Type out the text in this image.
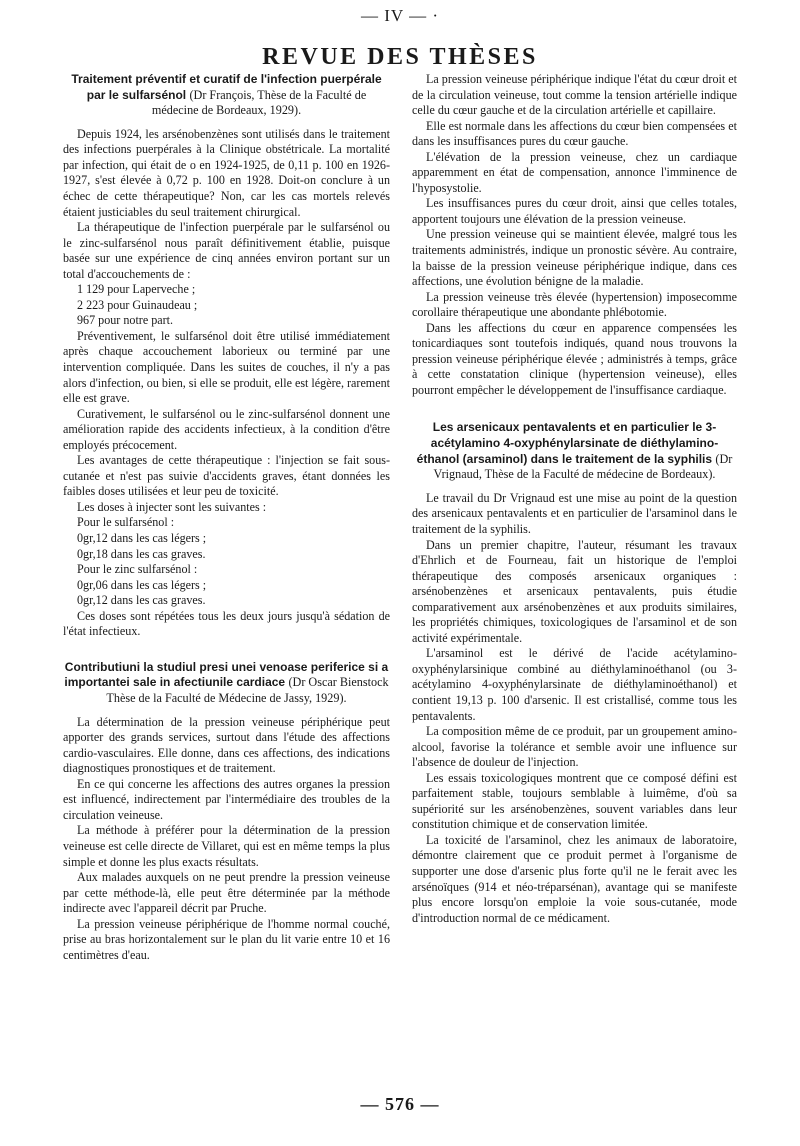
— IV — ·
REVUE DES THÈSES
Traitement préventif et curatif de l'infection puerpérale par le sulfarsénol (Dr François, Thèse de la Faculté de médecine de Bordeaux, 1929).

Depuis 1924, les arsénobenzènes sont utilisés dans le traitement des infections puerpérales à la Clinique obstétricale. La mortalité par infection, qui était de o en 1924-1925, de 0,11 p. 100 en 1926-1927, s'est élevée à 0,72 p. 100 en 1928. Doit-on conclure à un échec de cette thérapeutique? Non, car les cas mortels relevés étaient justiciables du seul traitement chirurgical.

La thérapeutique de l'infection puerpérale par le sulfarsénol ou le zinc-sulfarsénol nous paraît définitivement établie, puisque basée sur une expérience de cinq années environ portant sur un total d'accouchements de :

1 129 pour Laperveche ;

2 223 pour Guinaudeau ;

967 pour notre part.

Préventivement, le sulfarsénol doit être utilisé immédiatement après chaque accouchement laborieux ou terminé par une intervention compliquée. Dans les suites de couches, il n'y a pas alors d'infection, ou bien, si elle se produit, elle est légère, rarement elle est grave.

Curativement, le sulfarsénol ou le zinc-sulfarsénol donnent une amélioration rapide des accidents infectieux, à la condition d'être employés précocement.

Les avantages de cette thérapeutique : l'injection se fait sous-cutanée et n'est pas suivie d'accidents graves, étant données les faibles doses utilisées et leur peu de toxicité.

Les doses à injecter sont les suivantes :

Pour le sulfarsénol :

0gr,12 dans les cas légers ;

0gr,18 dans les cas graves.

Pour le zinc sulfarsénol :

0gr,06 dans les cas légers ;

0gr,12 dans les cas graves.

Ces doses sont répétées tous les deux jours jusqu'à sédation de l'état infectieux.

Contributiuni la studiul presi unei venoase periferice si a importantei sale in afectiunile cardiace (Dr Oscar Bienstock Thèse de la Faculté de Médecine de Jassy, 1929).

La détermination de la pression veineuse périphérique peut apporter des grands services, surtout dans l'étude des affections cardio-vasculaires. Elle donne, dans ces affections, des indications diagnostiques pronostiques et de traitement.

En ce qui concerne les affections des autres organes la pression est influencé, indirectement par l'intermédiaire des troubles de la circulation veineuse.

La méthode à préférer pour la détermination de la pression veineuse est celle directe de Villaret, qui est en même temps la plus simple et donne les plus exacts résultats.

Aux malades auxquels on ne peut prendre la pression veineuse par cette méthode-là, elle peut être déterminée par la méthode indirecte avec l'appareil décrit par Pruche.

La pression veineuse périphérique de l'homme normal couché, prise au bras horizontalement sur le plan du lit varie entre 10 et 16 centimètres d'eau.

La pression veineuse périphérique indique l'état du cœur droit et de la circulation veineuse, tout comme la tension artérielle indique celle du cœur gauche et de la circulation artérielle et capillaire.

Elle est normale dans les affections du cœur bien compensées et dans les insuffisances pures du cœur gauche.

L'élévation de la pression veineuse, chez un cardiaque apparemment en état de compensation, annonce l'imminence de l'hyposystolie.

Les insuffisances pures du cœur droit, ainsi que celles totales, apportent toujours une élévation de la pression veineuse.

Une pression veineuse qui se maintient élevée, malgré tous les traitements administrés, indique un pronostic sévère. Au contraire, la baisse de la pression veineuse périphérique indique, dans ces affections, une évolution bénigne de la maladie.

La pression veineuse très élevée (hypertension) imposecomme corollaire thérapeutique une abondante phlébotomie.

Dans les affections du cœur en apparence compensées les tonicardiaques sont toutefois indiqués, quand nous trouvons la pression veineuse périphérique élevée ; administrés à temps, grâce à cette constatation clinique (hypertension veineuse), elles pourront empêcher le développement de l'insuffisance cardiaque.

Les arsenicaux pentavalents et en particulier le 3-acétylamino 4-oxyphénylarsinate de diéthylamino-éthanol (arsaminol) dans le traitement de la syphilis (Dr Vrignaud, Thèse de la Faculté de médecine de Bordeaux).

Le travail du Dr Vrignaud est une mise au point de la question des arsenicaux pentavalents et en particulier de l'arsaminol dans le traitement de la syphilis.

Dans un premier chapitre, l'auteur, résumant les travaux d'Ehrlich et de Fourneau, fait un historique de l'emploi thérapeutique des composés arsenicaux organiques : arsénobenzènes et arsenicaux pentavalents, puis étudie comparativement aux arsénobenzènes et aux produits similaires, les propriétés chimiques, toxicologiques de l'arsaminol et de son activité expérimentale.

L'arsaminol est le dérivé de l'acide acétylamino-oxyphénylarsinique combiné au diéthylaminoéthanol (ou 3-acétylamino 4-oxyphénylarsinate de diéthylaminoéthanol) et contient 19,13 p. 100 d'arsenic. Il est cristallisé, comme tous les pentavalents.

La composition même de ce produit, par un groupement amino-alcool, favorise la tolérance et semble avoir une influence sur l'absence de douleur de l'injection.

Les essais toxicologiques montrent que ce composé défini est parfaitement stable, toujours semblable à luimême, d'où sa supériorité sur les arsénobenzènes, souvent variables dans leur constitution chimique et de conservation limitée.

La toxicité de l'arsaminol, chez les animaux de laboratoire, démontre clairement que ce produit permet à l'organisme de supporter une dose d'arsenic plus forte qu'il ne le ferait avec les arsénoïques (914 et néo-tréparsénan), avantage qui se manifeste plus encore lorsqu'on emploie la voie sous-cutanée, mode d'introduction normal de ce médicament.

— 576 —
